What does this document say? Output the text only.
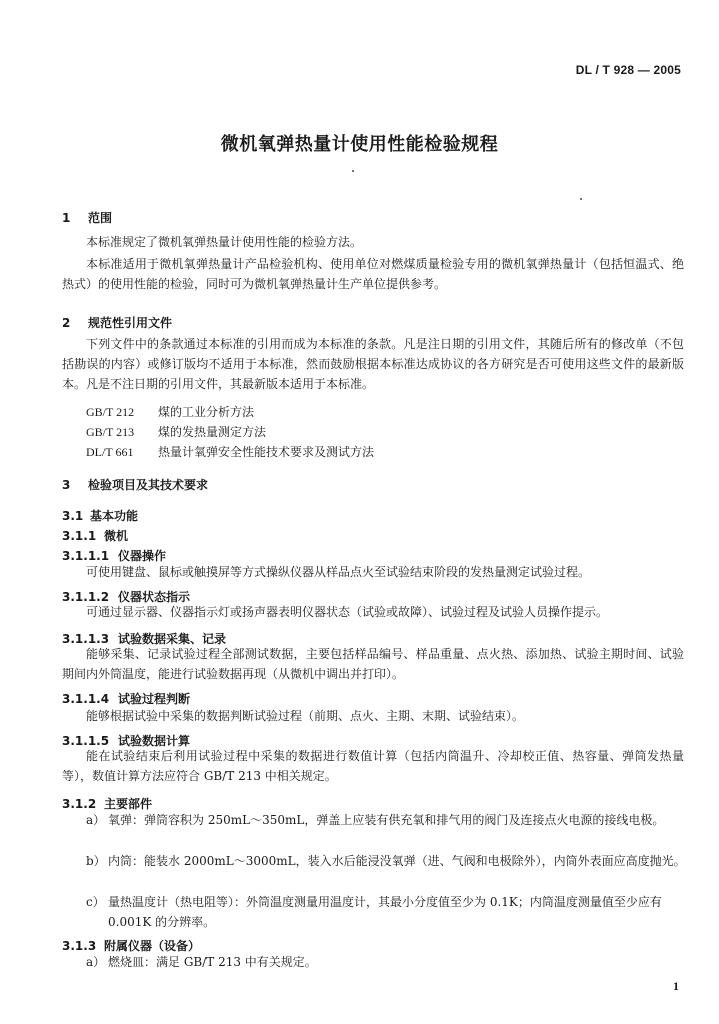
DL / T 928 — 2005
微机氧弹热量计使用性能检验规程
1 范围
本标准规定了微机氧弹热量计使用性能的检验方法。
本标准适用于微机氧弹热量计产品检验机构、使用单位对燃煤质量检验专用的微机氧弹热量计（包括恒温式、绝热式）的使用性能的检验，同时可为微机氧弹热量计生产单位提供参考。
2 规范性引用文件
下列文件中的条款通过本标准的引用而成为本标准的条款。凡是注日期的引用文件，其随后所有的修改单（不包括勘误的内容）或修订版均不适用于本标准，然而鼓励根据本标准达成协议的各方研究是否可使用这些文件的最新版本。凡是不注日期的引用文件，其最新版本适用于本标准。
GB/T 212 煤的工业分析方法
GB/T 213 煤的发热量测定方法
DL/T 661 热量计氧弹安全性能技术要求及测试方法
3 检验项目及其技术要求
3.1 基本功能
3.1.1 微机
3.1.1.1 仪器操作
可使用键盘、鼠标或触摸屏等方式操纵仪器从样品点火至试验结束阶段的发热量测定试验过程。
3.1.1.2 仪器状态指示
可通过显示器、仪器指示灯或扬声器表明仪器状态（试验或故障）、试验过程及试验人员操作提示。
3.1.1.3 试验数据采集、记录
能够采集、记录试验过程全部测试数据，主要包括样品编号、样品重量、点火热、添加热、试验主期时间、试验期间内外筒温度，能进行试验数据再现（从微机中调出并打印）。
3.1.1.4 试验过程判断
能够根据试验中采集的数据判断试验过程（前期、点火、主期、末期、试验结束）。
3.1.1.5 试验数据计算
能在试验结束后利用试验过程中采集的数据进行数值计算（包括内筒温升、冷却校正值、热容量、弹筒发热量等），数值计算方法应符合 GB/T 213 中相关规定。
3.1.2 主要部件
a） 氧弹：弹筒容积为 250mL～350mL，弹盖上应装有供充氧和排气用的阀门及连接点火电源的接线电极。
b） 内筒：能装水 2000mL～3000mL，装入水后能浸没氧弹（进、气阀和电极除外），内筒外表面应高度抛光。
c） 量热温度计（热电阻等）：外筒温度测量用温度计，其最小分度值至少为 0.1K；内筒温度测量值至少应有 0.001K 的分辨率。
3.1.3 附属仪器（设备）
a） 燃烧皿：满足 GB/T 213 中有关规定。
1
